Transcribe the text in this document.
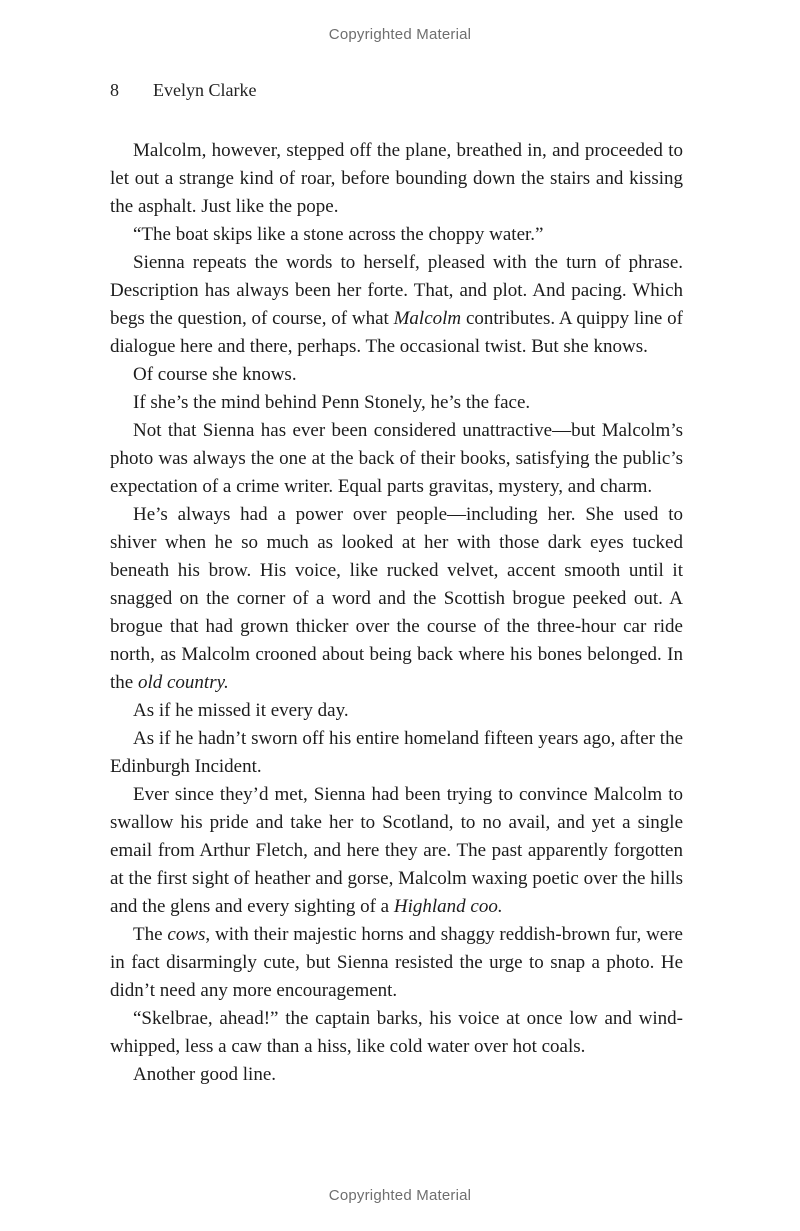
Copyrighted Material
8 Evelyn Clarke

Malcolm, however, stepped off the plane, breathed in, and proceeded to let out a strange kind of roar, before bounding down the stairs and kissing the asphalt. Just like the pope.

“The boat skips like a stone across the choppy water.”

Sienna repeats the words to herself, pleased with the turn of phrase. Description has always been her forte. That, and plot. And pacing. Which begs the question, of course, of what Malcolm contributes. A quippy line of dialogue here and there, perhaps. The occasional twist. But she knows.

Of course she knows.

If she’s the mind behind Penn Stonely, he’s the face.

Not that Sienna has ever been considered unattractive—but Malcolm’s photo was always the one at the back of their books, satisfying the public’s expectation of a crime writer. Equal parts gravitas, mystery, and charm.

He’s always had a power over people—including her. She used to shiver when he so much as looked at her with those dark eyes tucked beneath his brow. His voice, like rucked velvet, accent smooth until it snagged on the corner of a word and the Scottish brogue peeked out. A brogue that had grown thicker over the course of the three-hour car ride north, as Malcolm crooned about being back where his bones belonged. In the old country.

As if he missed it every day.

As if he hadn’t sworn off his entire homeland fifteen years ago, after the Edinburgh Incident.

Ever since they’d met, Sienna had been trying to convince Malcolm to swallow his pride and take her to Scotland, to no avail, and yet a single email from Arthur Fletch, and here they are. The past apparently forgotten at the first sight of heather and gorse, Malcolm waxing poetic over the hills and the glens and every sighting of a Highland coo.

The cows, with their majestic horns and shaggy reddish-brown fur, were in fact disarmingly cute, but Sienna resisted the urge to snap a photo. He didn’t need any more encouragement.

“Skelbrae, ahead!” the captain barks, his voice at once low and wind-whipped, less a caw than a hiss, like cold water over hot coals.

Another good line.

Copyrighted Material
